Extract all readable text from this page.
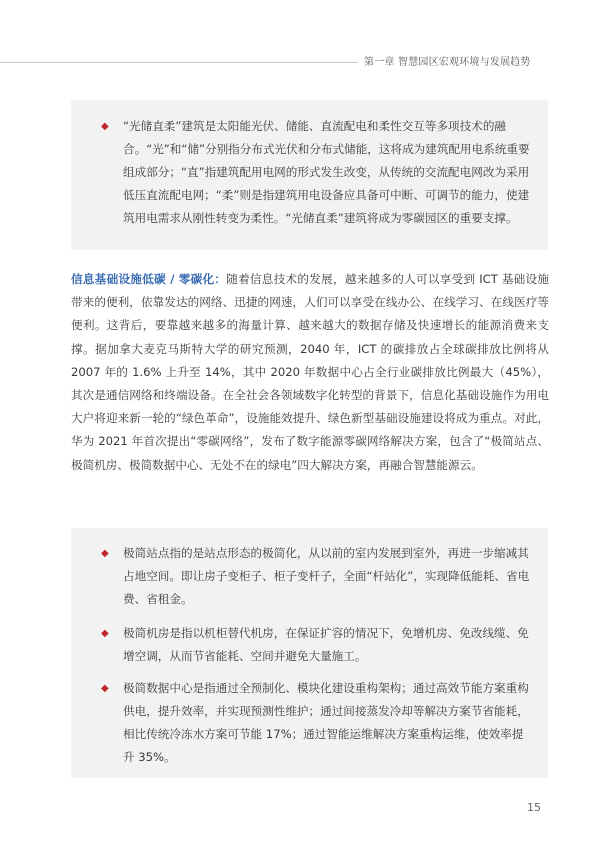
第一章 智慧园区宏观环境与发展趋势
◆ “光储直柔”建筑是太阳能光伏、储能、直流配电和柔性交互等多项技术的融合。“光”和“储”分别指分布式光伏和分布式储能，这将成为建筑配用电系统重要组成部分；“直”指建筑配用电网的形式发生改变，从传统的交流配电网改为采用低压直流配电网；“柔”则是指建筑用电设备应具备可中断、可调节的能力，使建筑用电需求从刚性转变为柔性。“光储直柔”建筑将成为零碳园区的重要支撑。
信息基础设施低碳 / 零碳化：随着信息技术的发展，越来越多的人可以享受到 ICT 基础设施带来的便利，依靠发达的网络、迅捷的网速，人们可以享受在线办公、在线学习、在线医疗等便利。这背后，要靠越来越多的海量计算、越来越大的数据存储及快速增长的能源消费来支撑。据加拿大麦克马斯特大学的研究预测，2040 年，ICT 的碳排放占全球碳排放比例将从 2007 年的 1.6% 上升至 14%，其中 2020 年数据中心占全行业碳排放比例最大（45%），其次是通信网络和终端设备。在全社会各领域数字化转型的背景下，信息化基础设施作为用电大户将迎来新一轮的“绿色革命”，设施能效提升、绿色新型基础设施建设将成为重点。对此，华为 2021 年首次提出“零碳网络”，发布了数字能源零碳网络解决方案，包含了“极简站点、极简机房、极简数据中心、无处不在的绿电”四大解决方案，再融合智慧能源云。
◆ 极简站点指的是站点形态的极简化，从以前的室内发展到室外，再进一步缩减其占地空间。即让房子变柜子、柜子变杆子，全面“杆站化”，实现降低能耗、省电费、省租金。
◆ 极简机房是指以机柜替代机房，在保证扩容的情况下，免增机房、免改线缆、免增空调，从而节省能耗、空间并避免大量施工。
◆ 极简数据中心是指通过全预制化、模块化建设重构架构；通过高效节能方案重构供电，提升效率，并实现预测性维护；通过间接蒸发冷却等解决方案节省能耗，相比传统冷冻水方案可节能 17%；通过智能运维解决方案重构运维，使效率提升 35%。
15
